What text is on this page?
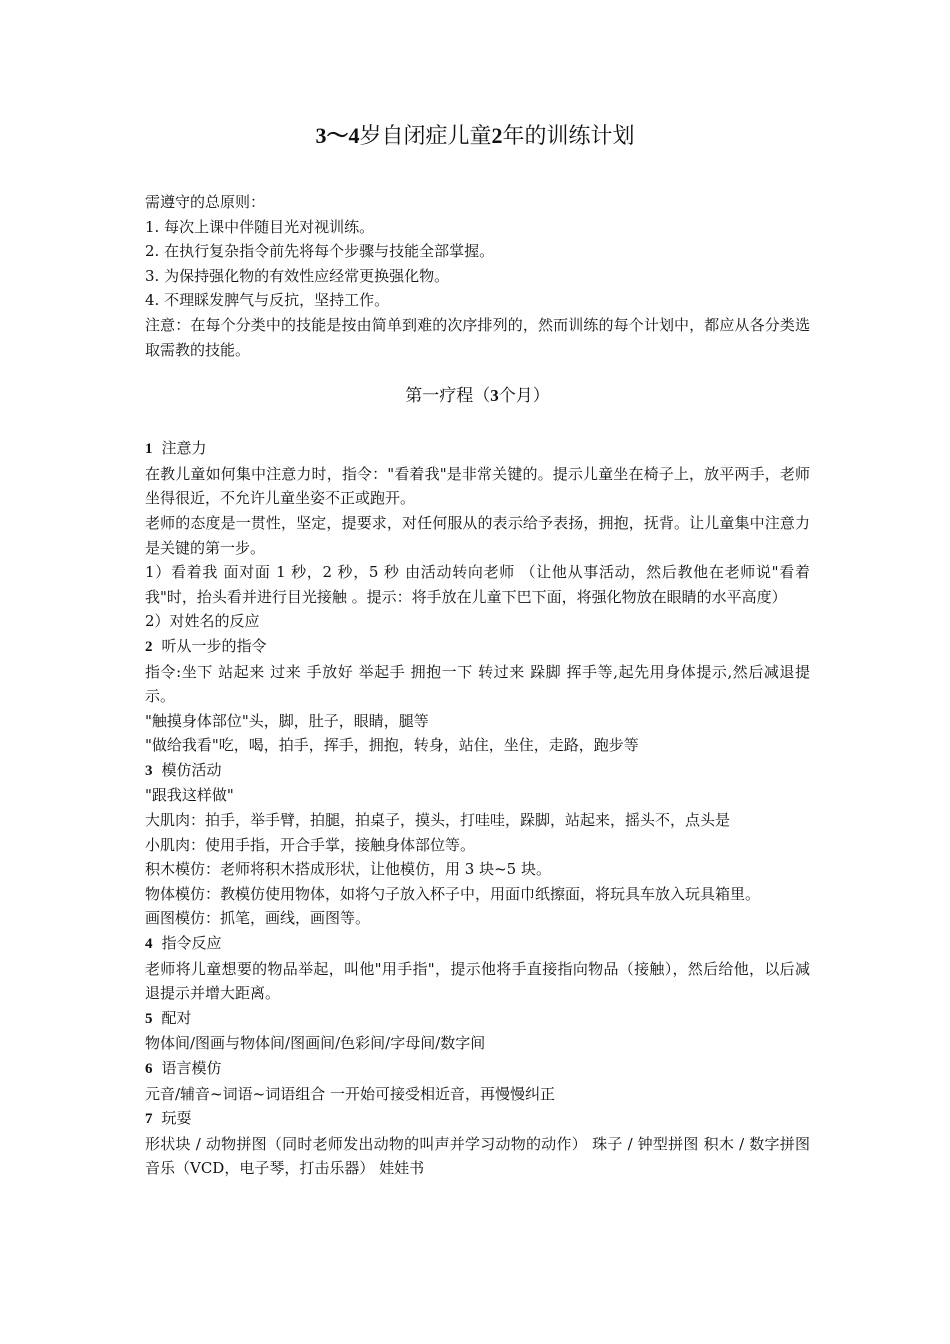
3～4岁自闭症儿童2年的训练计划

需遵守的总原则：

1. 每次上课中伴随目光对视训练。

2. 在执行复杂指令前先将每个步骤与技能全部掌握。

3. 为保持强化物的有效性应经常更换强化物。

4. 不理睬发脾气与反抗，坚持工作。

注意：在每个分类中的技能是按由简单到难的次序排列的，然而训练的每个计划中，都应从各分类选取需教的技能。

第一疗程（3个月）

1 注意力

在教儿童如何集中注意力时，指令："看着我"是非常关键的。提示儿童坐在椅子上，放平两手，老师坐得很近，不允许儿童坐姿不正或跑开。

老师的态度是一贯性，坚定，提要求，对任何服从的表示给予表扬，拥抱，抚背。让儿童集中注意力是关键的第一步。

1）看着我 面对面 1 秒，2 秒，5 秒 由活动转向老师 （让他从事活动，然后教他在老师说"看着我"时，抬头看并进行目光接触 。提示：将手放在儿童下巴下面，将强化物放在眼睛的水平高度）

2）对姓名的反应

2 听从一步的指令

指令:坐下 站起来 过来 手放好 举起手 拥抱一下 转过来 跺脚 挥手等,起先用身体提示,然后减退提示。

"触摸身体部位"头，脚，肚子，眼睛，腿等

"做给我看"吃，喝，拍手，挥手，拥抱，转身，站住，坐住，走路，跑步等

3 模仿活动

"跟我这样做"

大肌肉：拍手，举手臂，拍腿，拍桌子，摸头，打哇哇，跺脚，站起来，摇头不，点头是

小肌肉：使用手指，开合手掌，接触身体部位等。

积木模仿：老师将积木搭成形状，让他模仿，用 3 块~5 块。

物体模仿：教模仿使用物体，如将勺子放入杯子中，用面巾纸擦面，将玩具车放入玩具箱里。

画图模仿：抓笔，画线，画图等。

4 指令反应

老师将儿童想要的物品举起，叫他"用手指"，提示他将手直接指向物品（接触），然后给他，以后减退提示并增大距离。

5 配对

物体间/图画与物体间/图画间/色彩间/字母间/数字间

6 语言模仿

元音/辅音~词语~词语组合 一开始可接受相近音，再慢慢纠正

7 玩耍

形状块 / 动物拼图（同时老师发出动物的叫声并学习动物的动作） 珠子 / 钟型拼图 积木 / 数字拼图 音乐（VCD，电子琴，打击乐器） 娃娃书
